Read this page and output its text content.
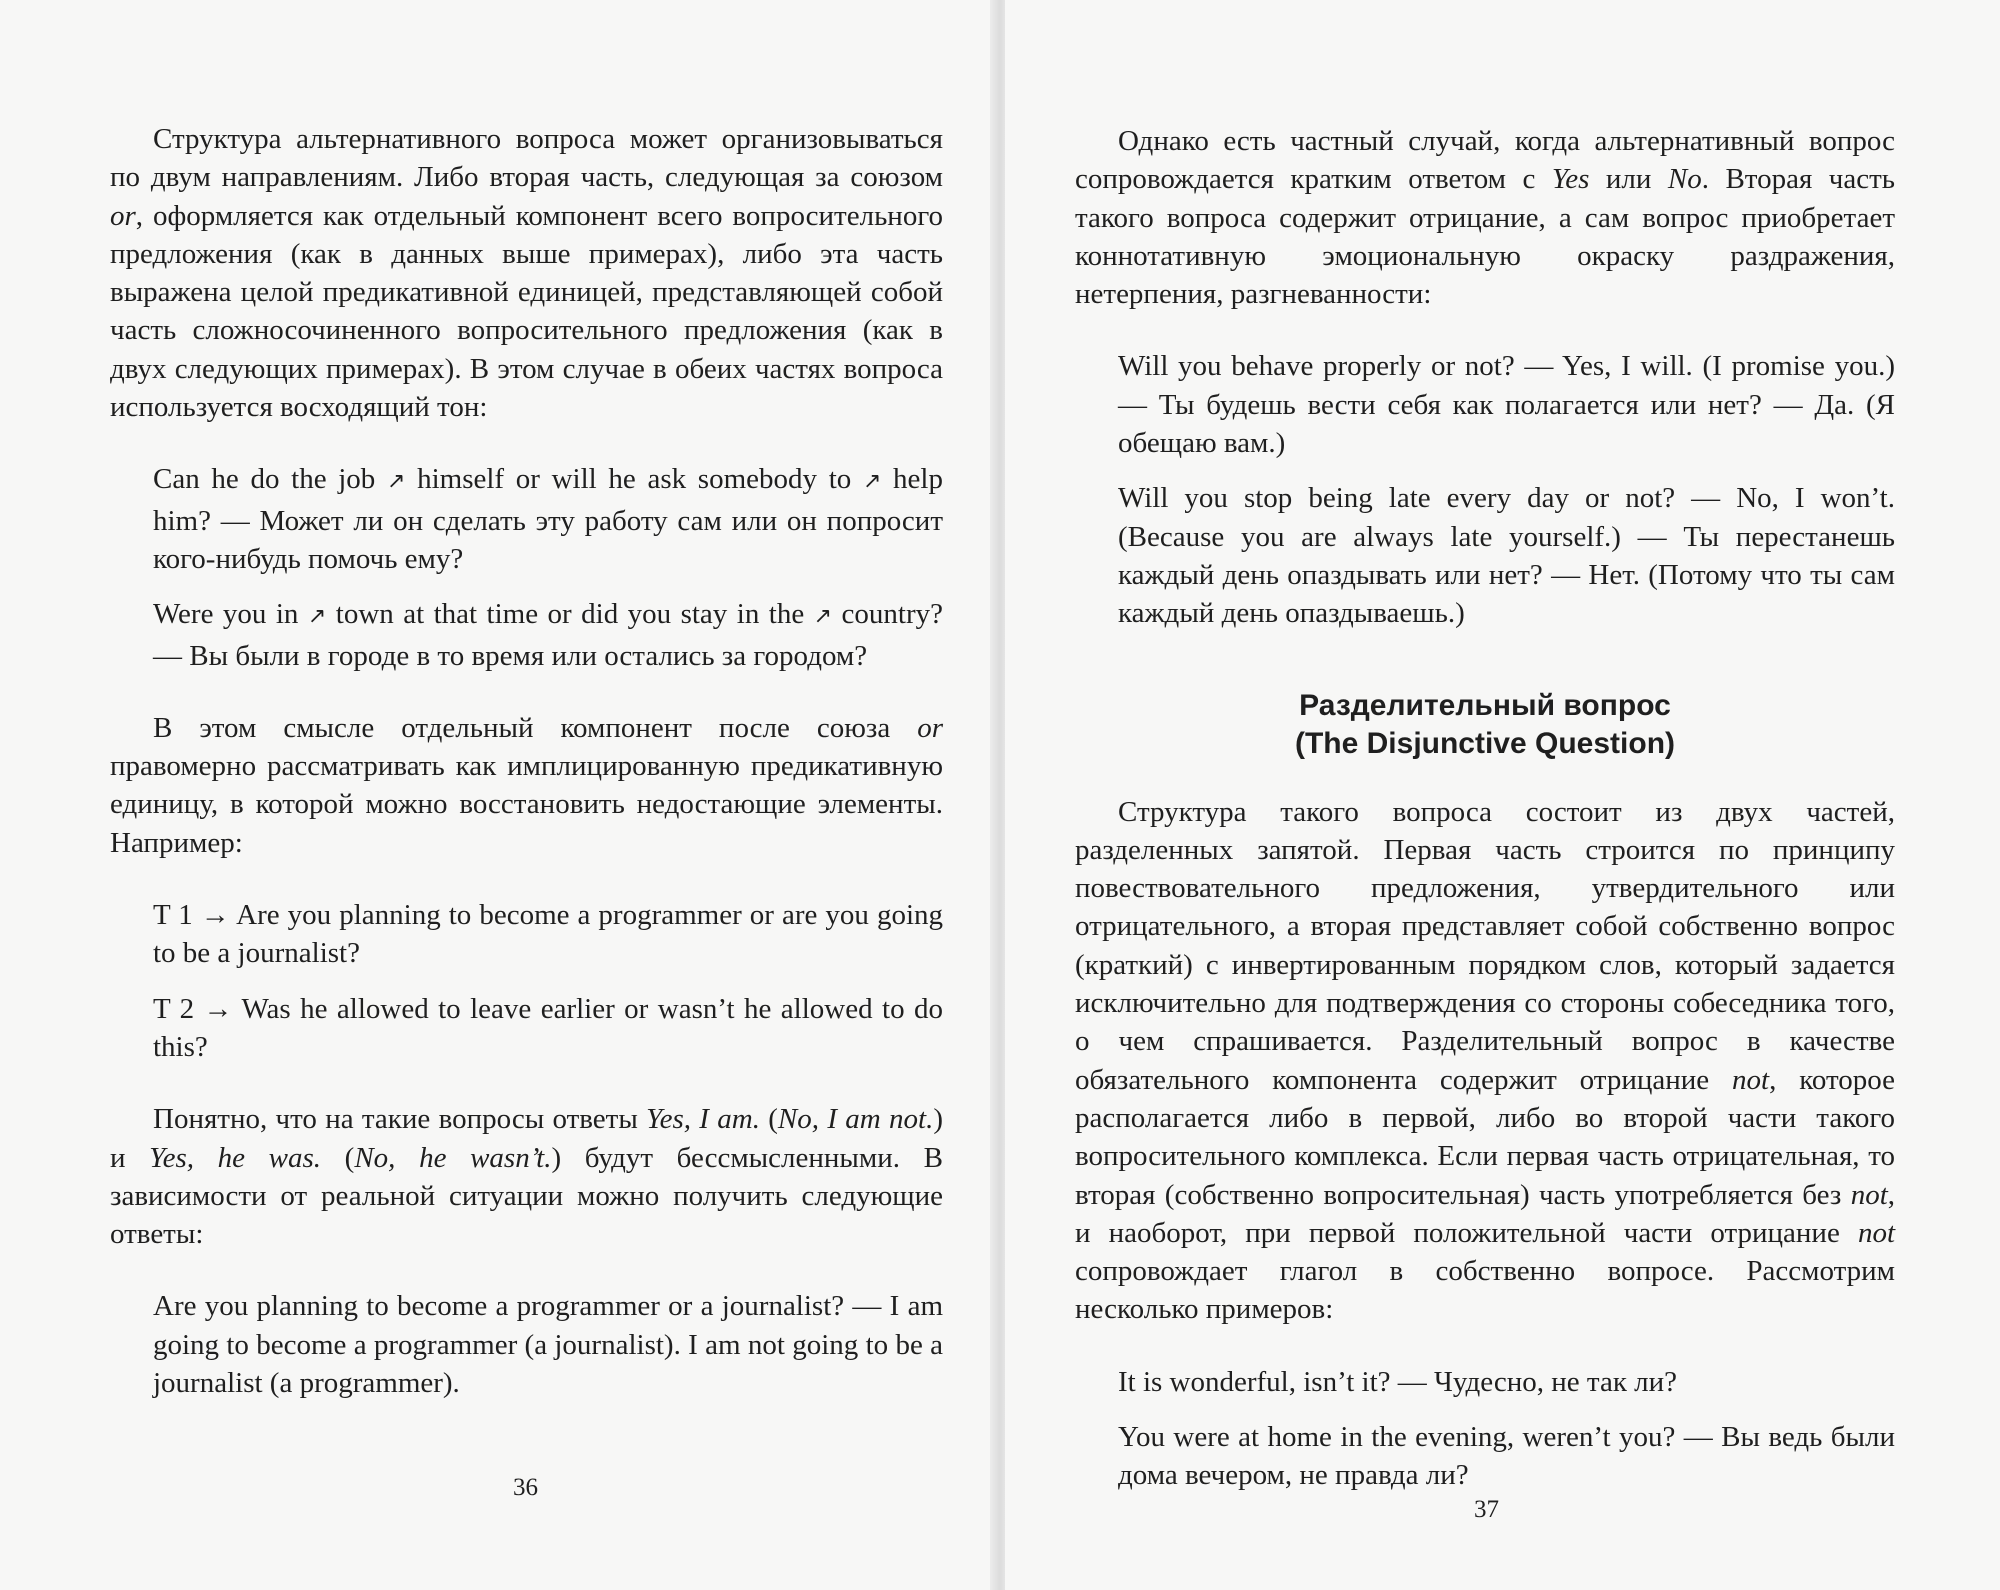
Структура альтернативного вопроса может организовываться по двум направлениям. Либо вторая часть, следующая за союзом or, оформляется как отдельный компонент всего вопросительного предложения (как в данных выше примерах), либо эта часть выражена целой предикативной единицей, представляющей собой часть сложносочиненного вопросительного предложения (как в двух следующих примерах). В этом случае в обеих частях вопроса используется восходящий тон:

Can he do the job ↗ himself or will he ask somebody to ↗ help him? — Может ли он сделать эту работу сам или он попросит кого-нибудь помочь ему?

Were you in ↗ town at that time or did you stay in the ↗ country? — Вы были в городе в то время или остались за городом?

В этом смысле отдельный компонент после союза or правомерно рассматривать как имплицированную предикативную единицу, в которой можно восстановить недостающие элементы. Например:

T 1 → Are you planning to become a programmer or are you going to be a journalist?

T 2 → Was he allowed to leave earlier or wasn’t he allowed to do this?

Понятно, что на такие вопросы ответы Yes, I am. (No, I am not.) и Yes, he was. (No, he wasn’t.) будут бессмысленными. В зависимости от реальной ситуации можно получить следующие ответы:

Are you planning to become a programmer or a journalist? — I am going to become a programmer (a journalist). I am not going to be a journalist (a programmer).

36

Однако есть частный случай, когда альтернативный вопрос сопровождается кратким ответом с Yes или No. Вторая часть такого вопроса содержит отрицание, а сам вопрос приобретает коннотативную эмоциональную окраску раздражения, нетерпения, разгневанности:

Will you behave properly or not? — Yes, I will. (I promise you.) — Ты будешь вести себя как полагается или нет? — Да. (Я обещаю вам.)

Will you stop being late every day or not? — No, I won’t. (Because you are always late yourself.) — Ты перестанешь каждый день опаздывать или нет? — Нет. (Потому что ты сам каждый день опаздываешь.)

Разделительный вопрос
(The Disjunctive Question)

Структура такого вопроса состоит из двух частей, разделенных запятой. Первая часть строится по принципу повествовательного предложения, утвердительного или отрицательного, а вторая представляет собой собственно вопрос (краткий) с инвертированным порядком слов, который задается исключительно для подтверждения со стороны собеседника того, о чем спрашивается. Разделительный вопрос в качестве обязательного компонента содержит отрицание not, которое располагается либо в первой, либо во второй части такого вопросительного комплекса. Если первая часть отрицательная, то вторая (собственно вопросительная) часть употребляется без not, и наоборот, при первой положительной части отрицание not сопровождает глагол в собственно вопросе. Рассмотрим несколько примеров:

It is wonderful, isn’t it? — Чудесно, не так ли?

You were at home in the evening, weren’t you? — Вы ведь были дома вечером, не правда ли?

37
